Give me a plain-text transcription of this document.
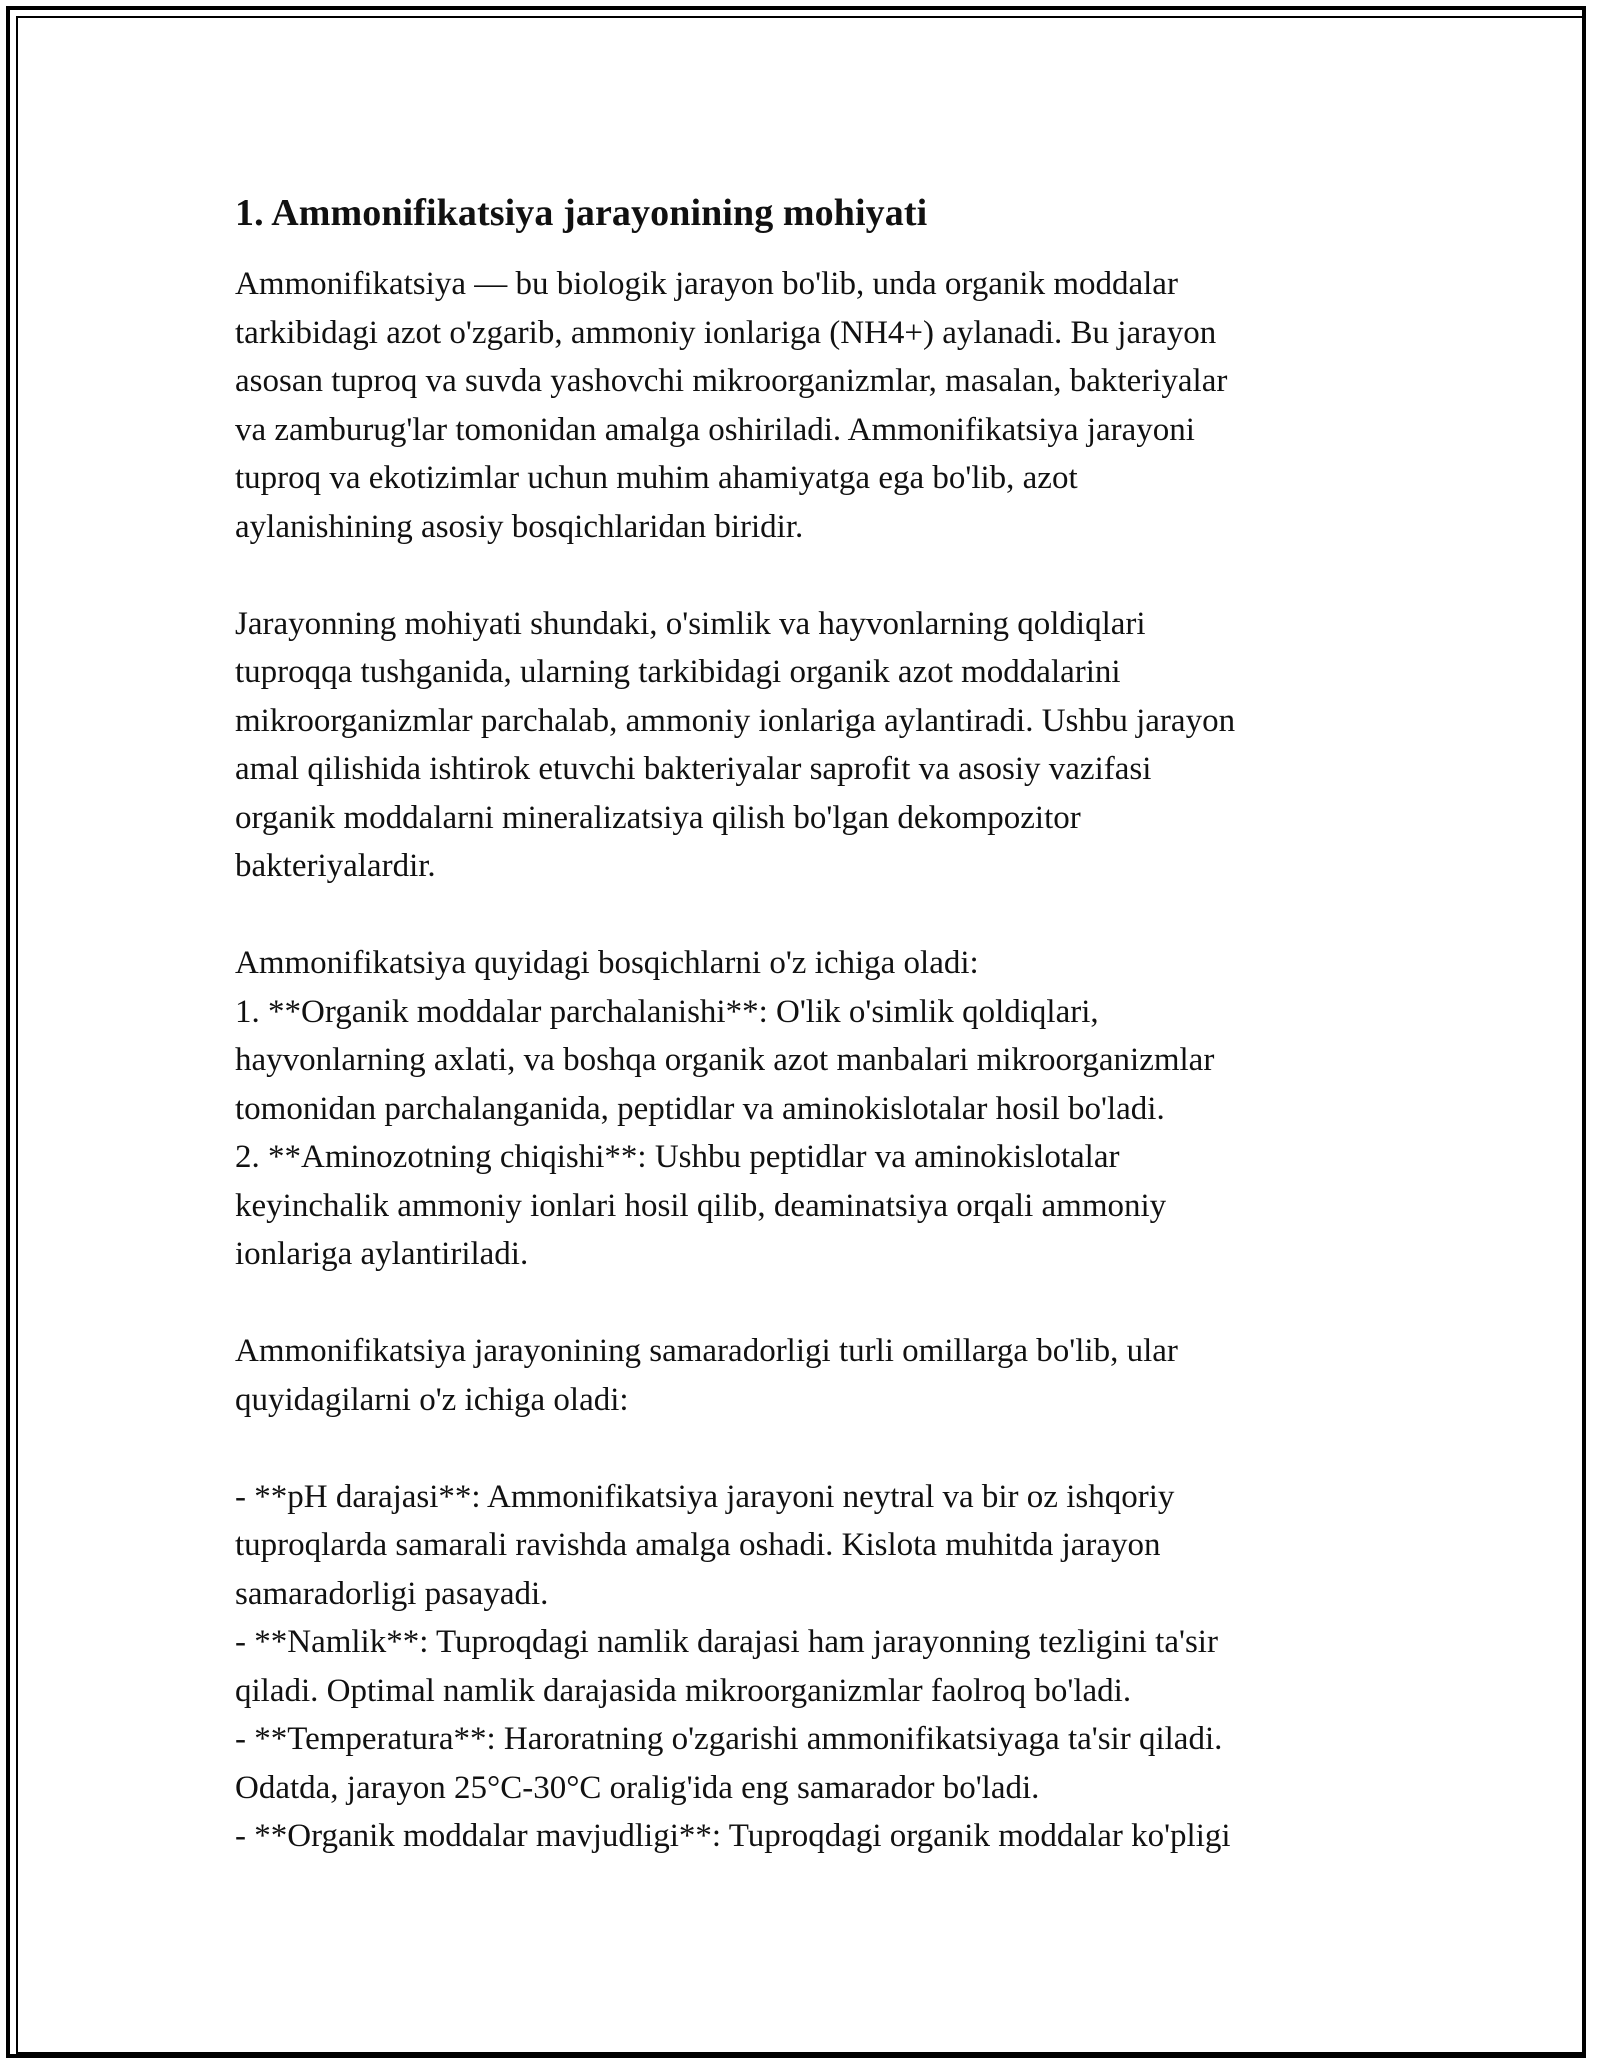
1. Ammonifikatsiya jarayonining mohiyati
Ammonifikatsiya — bu biologik jarayon bo'lib, unda organik moddalar
tarkibidagi azot o'zgarib, ammoniy ionlariga (NH4+) aylanadi. Bu jarayon
asosan tuproq va suvda yashovchi mikroorganizmlar, masalan, bakteriyalar
va zamburug'lar tomonidan amalga oshiriladi. Ammonifikatsiya jarayoni
tuproq va ekotizimlar uchun muhim ahamiyatga ega bo'lib, azot
aylanishining asosiy bosqichlaridan biridir.
Jarayonning mohiyati shundaki, o'simlik va hayvonlarning qoldiqlari
tuproqqa tushganida, ularning tarkibidagi organik azot moddalarini
mikroorganizmlar parchalab, ammoniy ionlariga aylantiradi. Ushbu jarayon
amal qilishida ishtirok etuvchi bakteriyalar saprofit va asosiy vazifasi
organik moddalarni mineralizatsiya qilish bo'lgan dekompozitor
bakteriyalardir.
Ammonifikatsiya quyidagi bosqichlarni o'z ichiga oladi:
1. **Organik moddalar parchalanishi**: O'lik o'simlik qoldiqlari,
hayvonlarning axlati, va boshqa organik azot manbalari mikroorganizmlar
tomonidan parchalanganida, peptidlar va aminokislotalar hosil bo'ladi.
2. **Aminozotning chiqishi**: Ushbu peptidlar va aminokislotalar
keyinchalik ammoniy ionlari hosil qilib, deaminatsiya orqali ammoniy
ionlariga aylantiriladi.
Ammonifikatsiya jarayonining samaradorligi turli omillarga bo'lib, ular
quyidagilarni o'z ichiga oladi:
- **pH darajasi**: Ammonifikatsiya jarayoni neytral va bir oz ishqoriy
tuproqlarda samarali ravishda amalga oshadi. Kislota muhitda jarayon
samaradorligi pasayadi.
- **Namlik**: Tuproqdagi namlik darajasi ham jarayonning tezligini ta'sir
qiladi. Optimal namlik darajasida mikroorganizmlar faolroq bo'ladi.
- **Temperatura**: Haroratning o'zgarishi ammonifikatsiyaga ta'sir qiladi.
Odatda, jarayon 25°C-30°C oralig'ida eng samarador bo'ladi.
- **Organik moddalar mavjudligi**: Tuproqdagi organik moddalar ko'pligi
